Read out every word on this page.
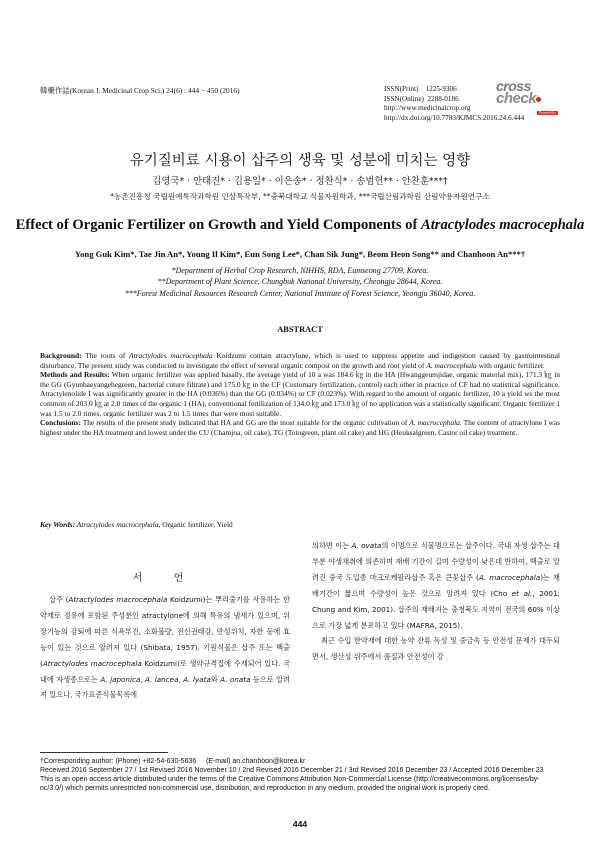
韓藥作誌(Korean J. Medicinal Crop Sci.) 24(6) : 444 − 450 (2016)	ISSN(Print)    1225-9306
ISSN(Online)  2288-0186
http://www.medicinalcrop.org
http://dx.doi.org/10.7783/KJMCS.2016.24.6.444
cross
check
Powered by
유기질비료 시용이 삽주의 생육 및 성분에 미치는 영향
김영국* · 안태진* · 김용일* · 이은송* · 정찬식* · 송범헌** · 안찬훈***†
*농촌진흥청 국립원예특작과학원 인삼특작부, **충북대학교 식물자원학과, ***국립산림과학원 산림약용자원연구소
Effect of Organic Fertilizer on Growth and Yield Components of Atractylodes macrocephala
Yong Guk Kim*, Tae Jin An*, Young Il Kim*, Eun Song Lee*, Chan Sik Jung*, Beom Heon Song** and Chanhoon An***†
*Department of Herbal Crop Research, NIHHS, RDA, Eumseong 27709, Korea.
**Department of Plant Science, Chungbuk National University, Cheongju 28644, Korea.
***Forest Medicinal Resources Research Center, National Institute of Forest Science, Yeongju 36040, Korea.
ABSTRACT

Background: The roots of Atractylodes macrocephala Koidzumi contain atractylone, which is used to suppress appetite and indigestion caused by gastrointestinal disturbance. The present study was conducted to investigate the effect of several organic compost on the growth and root yield of A. macrocephala with organic fertilizer.

Methods and Results: When organic fertilizer was applied basally, the average yield of 10 a was 184.6 ㎏ in the HA (Hwanggeumjidae, organic material mix), 171.3 ㎏ in the GG (Gyunbaeyangehegreen, bacterial cuture filtrate) and 175.0 ㎏ in the CF (Customary fertilization, control) each other in practice of CF had no statistical significance. Atractylenolide I was significantly greater in the HA (0.036%) than the GG (0.034%) or CF (0.023%). With regard to the amount of organic fertilizer, 10 a yield ws the most common of 203.0 ㎏ at 2.0 times of the organic 1 (HA), conventional fertilization of 134.0 ㎏ and 173.0 ㎏ of no application was a statistically significant. Organic fertilizer 1 was 1.5 to 2.0 times, organic fertilizer was 2 to 1.5 times that were most suitable.

Conclusions: The results of the present study indicated that HA and GG are the most suitable for the organic cultivation of A. macrocephala. The content of atractylone I was highest under the HA treatment and lowest under the CU (Chamjoa, oil cake), TG (Totogreen, plant oil cake) and HG (Heuksalgreen, Castor oil cake) treatment.

Key Words: Atractylodes macrocephala, Organic fertilizer, Yield
서 언
삽주 (Atractylodes macrocephala Koidzumi)는 뿌리줄기를 사용하는 한약재로 정유에 포함된 주성분인 atractylone에 의해 특유의 냄새가 있으며, 위장기능의 감퇴에 따른 식욕부진, 소화불량, 전신권태감, 만성위치, 자한 등에 효능이 있는 것으로 알려져 있다 (Shibata, 1957). 기원식물은 삽주 또는 백출 (Atractylodes macrocephala Koidzumi)로 생약규격집에 수재되어 있다. 국내에 자생종으로는 A. japonica, A. lancea, A. lyata와 A. onata 등으로 알려져 있으나, 국가표준식물목록에

의하면 이는 A. ovata의 이명으로 식물명으로는 삽주이다. 국내 자생 삽주는 대부분 야생채취에 의존하며 재배 기간이 길며 수량성이 낮은데 반하여, 백출로 알려진 중국 도입종 마크로케팔라삽주 혹은 큰꽃삽주 (A. macrocephala)는 재배기간이 짧으며 수량성이 높은 것으로 알려져 있다 (Cho et al., 2001; Chung and Kim, 2001). 삽주의 재배지는 충청북도 지역이 전국의 60% 이상으로 가장 넓게 분포하고 있다 (MAFRA, 2015).

최근 수입 한약재에 대한 농약 잔류 독성 및 중금속 등 안전성 문제가 대두되면서, 생산성 위주에서 품질과 안전성이 강

†Corresponding author: (Phone) +82-54-630-5636     (E-mail) an.chanhoon@korea.kr

Received 2016 September 27 / 1st Revised 2016 November 10 / 2nd Revised 2016 December 21 / 3rd Revised 2016 December 23 / Accepted 2016 December 23

This is an open access article distributed under the terms of the Creative Commons Attribution Non-Commercial License (http://creativecommons.org/licenses/by-nc/3.0/) which permits unrestricted non-commercial use, distribution, and reproduction in any medium, provided the original work is properly cited.

444
